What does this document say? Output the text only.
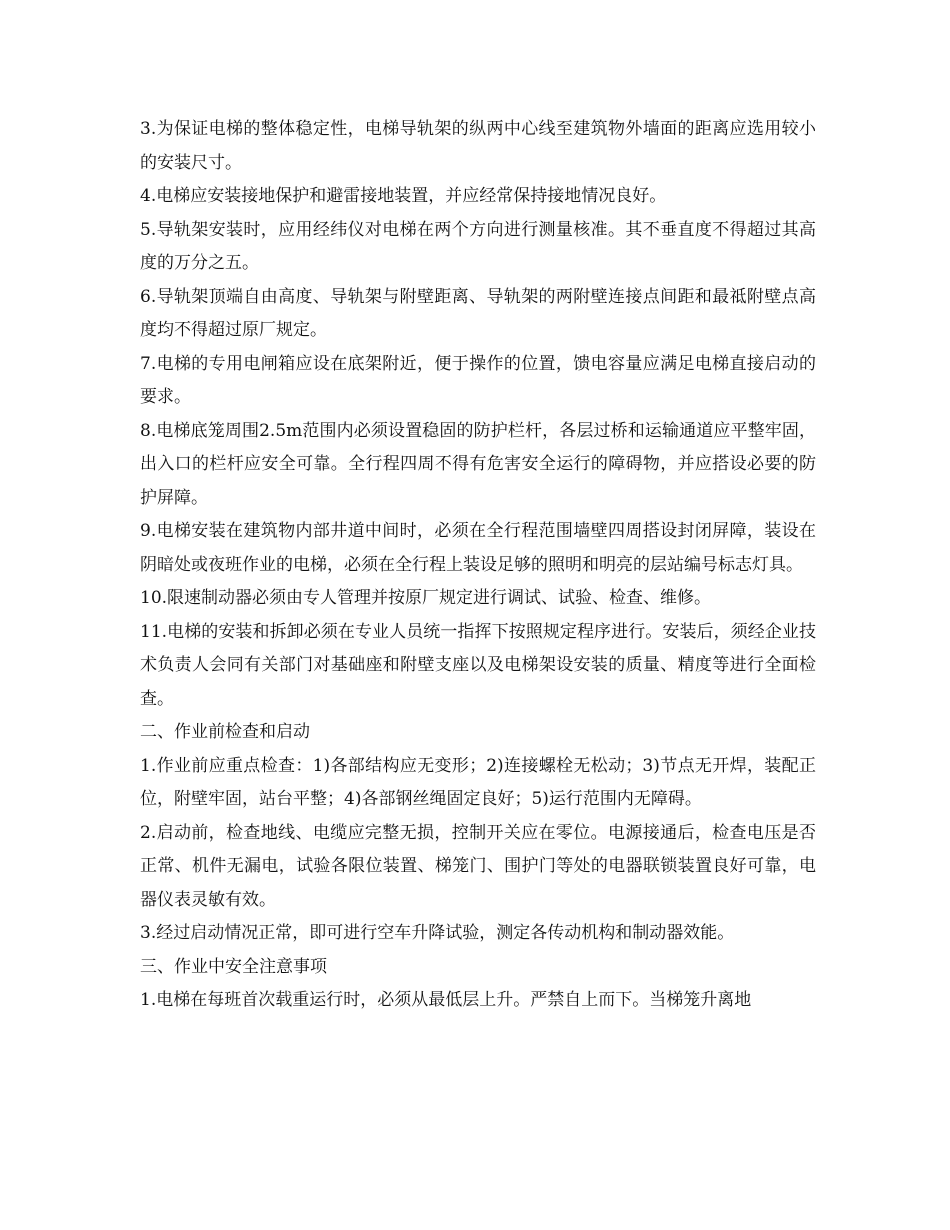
3.为保证电梯的整体稳定性，电梯导轨架的纵两中心线至建筑物外墙面的距离应选用较小的安装尺寸。

4.电梯应安装接地保护和避雷接地装置，并应经常保持接地情况良好。

5.导轨架安装时，应用经纬仪对电梯在两个方向进行测量核准。其不垂直度不得超过其高度的万分之五。

6.导轨架顶端自由高度、导轨架与附壁距离、导轨架的两附壁连接点间距和最祗附壁点高度均不得超过原厂规定。

7.电梯的专用电闸箱应设在底架附近，便于操作的位置，馈电容量应满足电梯直接启动的要求。

8.电梯底笼周围2.5m范围内必须设置稳固的防护栏杆，各层过桥和运输通道应平整牢固，出入口的栏杆应安全可靠。全行程四周不得有危害安全运行的障碍物，并应搭设必要的防护屏障。

9.电梯安装在建筑物内部井道中间时，必须在全行程范围墙壁四周搭设封闭屏障，装设在阴暗处或夜班作业的电梯，必须在全行程上装设足够的照明和明亮的层站编号标志灯具。

10.限速制动器必须由专人管理并按原厂规定进行调试、试验、检查、维修。

11.电梯的安装和拆卸必须在专业人员统一指挥下按照规定程序进行。安装后，须经企业技术负责人会同有关部门对基础座和附壁支座以及电梯架设安装的质量、精度等进行全面检查。

二、作业前检查和启动

1.作业前应重点检查：1)各部结构应无变形；2)连接螺栓无松动；3)节点无开焊，装配正位，附壁牢固，站台平整；4)各部钢丝绳固定良好；5)运行范围内无障碍。

2.启动前，检查地线、电缆应完整无损，控制开关应在零位。电源接通后，检查电压是否正常、机件无漏电，试验各限位装置、梯笼门、围护门等处的电器联锁装置良好可靠，电器仪表灵敏有效。

3.经过启动情况正常，即可进行空车升降试验，测定各传动机构和制动器效能。

三、作业中安全注意事项

1.电梯在每班首次载重运行时，必须从最低层上升。严禁自上而下。当梯笼升离地
